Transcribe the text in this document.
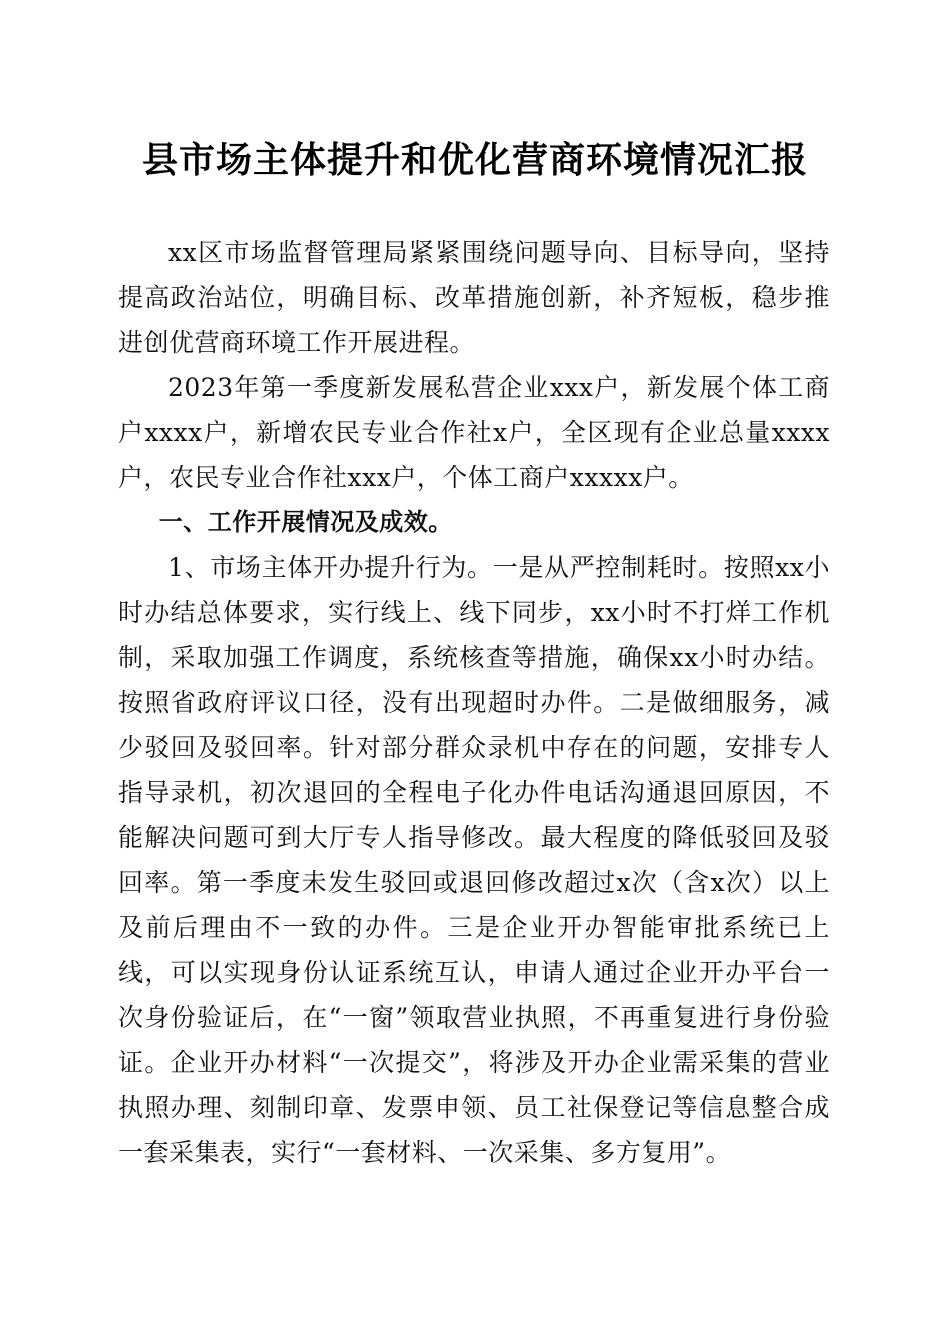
县市场主体提升和优化营商环境情况汇报

xx区市场监督管理局紧紧围绕问题导向、目标导向，坚持提高政治站位，明确目标、改革措施创新，补齐短板，稳步推进创优营商环境工作开展进程。

2023年第一季度新发展私营企业xxx户，新发展个体工商户xxxx户，新增农民专业合作社x户，全区现有企业总量xxxx户，农民专业合作社xxx户，个体工商户xxxxx户。

一、工作开展情况及成效。

1、市场主体开办提升行为。一是从严控制耗时。按照xx小时办结总体要求，实行线上、线下同步，xx小时不打烊工作机制，采取加强工作调度，系统核查等措施，确保xx小时办结。按照省政府评议口径，没有出现超时办件。二是做细服务，减少驳回及驳回率。针对部分群众录机中存在的问题，安排专人指导录机，初次退回的全程电子化办件电话沟通退回原因，不能解决问题可到大厅专人指导修改。最大程度的降低驳回及驳回率。第一季度未发生驳回或退回修改超过x次（含x次）以上及前后理由不一致的办件。三是企业开办智能审批系统已上线，可以实现身份认证系统互认，申请人通过企业开办平台一次身份验证后，在“一窗”领取营业执照，不再重复进行身份验证。企业开办材料“一次提交”，将涉及开办企业需采集的营业执照办理、刻制印章、发票申领、员工社保登记等信息整合成一套采集表，实行“一套材料、一次采集、多方复用”。
